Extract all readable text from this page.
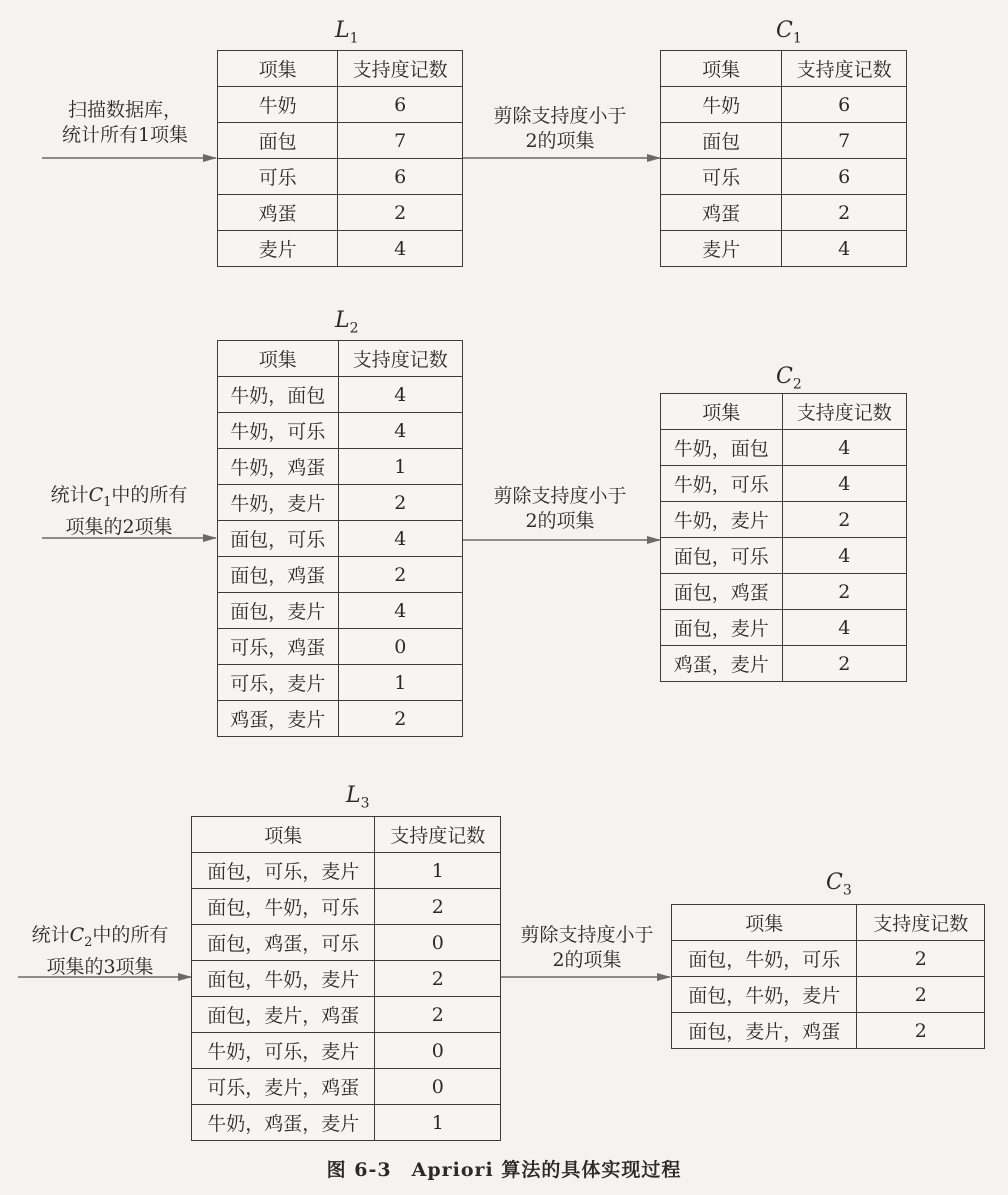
$L_1$	$C_1$
$L_2$
$C_2$
$L_3$
$C_3$
项集	支持度记数
牛奶	6
面包	7
可乐	6
鸡蛋	2
麦片	4
项集	支持度记数
牛奶	6
面包	7
可乐	6
鸡蛋	2
麦片	4
项集	支持度记数
牛奶，面包	4
牛奶，可乐	4
牛奶，鸡蛋	1
牛奶，麦片	2
面包，可乐	4
面包，鸡蛋	2
面包，麦片	4
可乐，鸡蛋	0
可乐，麦片	1
鸡蛋，麦片	2
项集	支持度记数
牛奶，面包	4
牛奶，可乐	4
牛奶，麦片	2
面包，可乐	4
面包，鸡蛋	2
面包，麦片	4
鸡蛋，麦片	2
项集	支持度记数
面包，可乐，麦片	1
面包，牛奶，可乐	2
面包，鸡蛋，可乐	0
面包，牛奶，麦片	2
面包，麦片，鸡蛋	2
牛奶，可乐，麦片	0
可乐，麦片，鸡蛋	0
牛奶，鸡蛋，麦片	1
项集	支持度记数
面包，牛奶，可乐	2
面包，牛奶，麦片	2
面包，麦片，鸡蛋	2
扫描数据库，
统计所有1项集
剪除支持度小于
2的项集
统计$C_1$中的所有
项集的2项集
剪除支持度小于
2的项集
统计$C_2$中的所有
项集的3项集
剪除支持度小于
2的项集
图 6-3　Apriori 算法的具体实现过程
